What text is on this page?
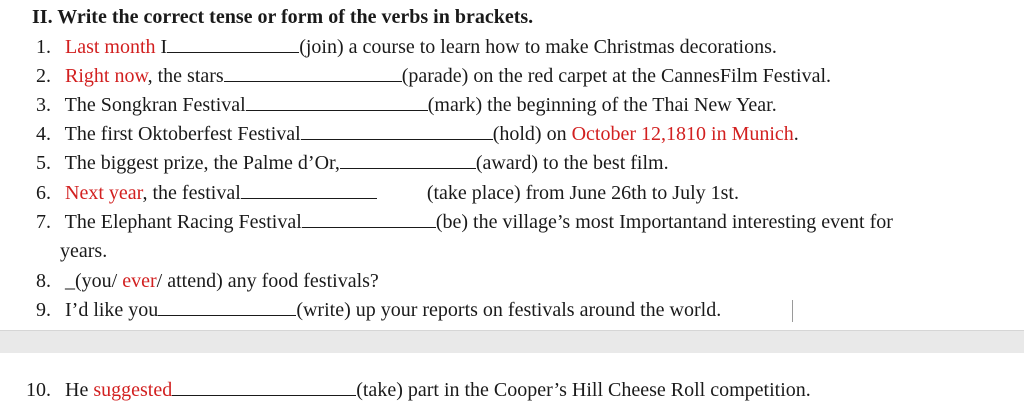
II. Write the correct tense or form of the verbs in brackets.
1. Last month I	(join) a course to learn how to make Christmas decorations.
2. Right now, the stars	(parade) on the red carpet at the CannesFilm Festival.
3. The Songkran Festival	(mark) the beginning of the Thai New Year.
4. The first Oktoberfest Festival	(hold) on October 12,1810 in Munich.
5. The biggest prize, the Palme d’Or,	(award) to the best film.
6. Next year, the festival	(take place) from June 26th to July 1st.
7. The Elephant Racing Festival	(be) the village’s most Importantand interesting event for
years.
8. _(you/ ever/ attend) any food festivals?
9. I’d like you	(write) up your reports on festivals around the world.
10. He suggested	(take) part in the Cooper’s Hill Cheese Roll competition.
